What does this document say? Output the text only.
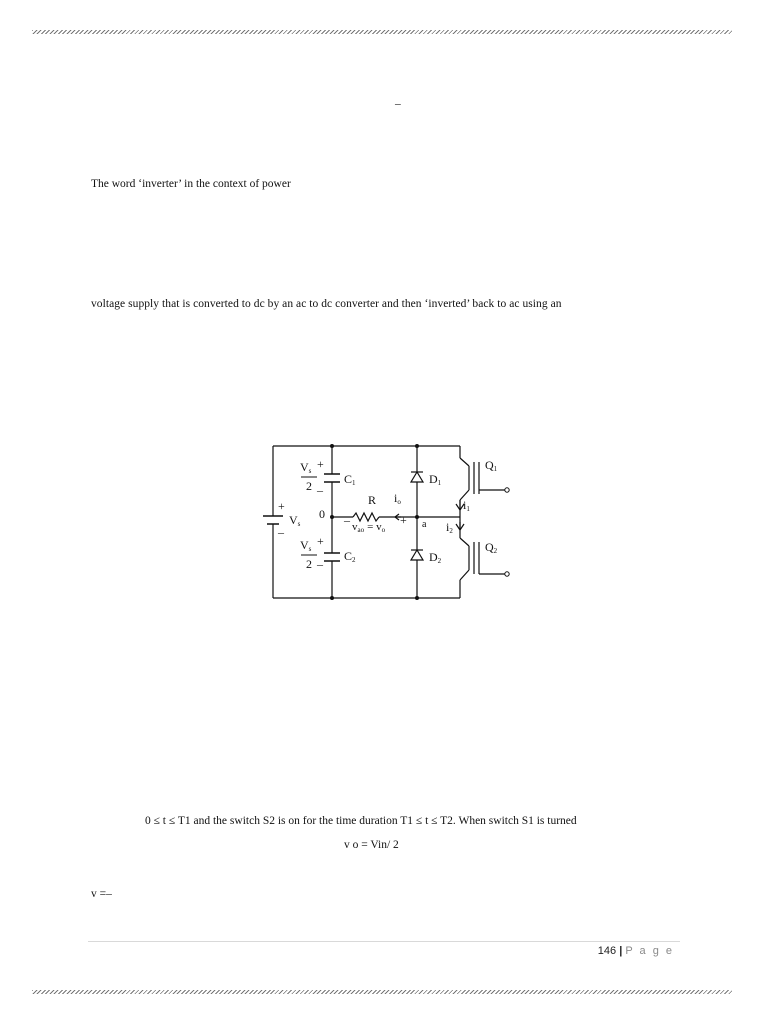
–
The word ‘inverter’ in the context of power
voltage supply that is converted to dc by an ac to dc converter and then ‘inverted’ back to ac using an
Vs +
2 –
C1
Vs
+
2 –
C2
+
Vs
–
0
R io
– vao = vo
+ a
D1
D2
Q1
Q2
i1
i2
0 ≤ t ≤ T1 and the switch S2 is on for the time duration T1 ≤ t ≤ T2. When switch S1 is turned
v o = Vin/ 2
v =–
146 | P a g e
